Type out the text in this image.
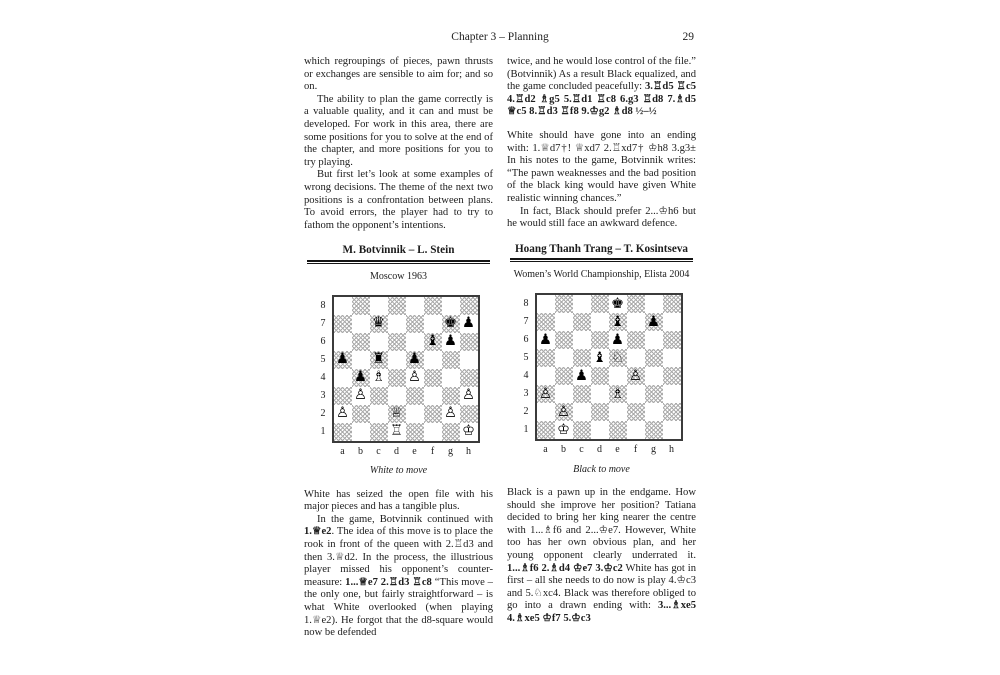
Chapter 3 – Planning	29

which regroupings of pieces, pawn thrusts or exchanges are sensible to aim for; and so on.

The ability to plan the game correctly is a valuable quality, and it can and must be developed. For work in this area, there are some positions for you to solve at the end of the chapter, and more positions for you to try playing.

But first let’s look at some examples of wrong decisions. The theme of the next two positions is a confrontation between plans. To avoid errors, the player had to try to fathom the opponent’s intentions.

M. Botvinnik – L. Stein
Moscow 1963
8
7
6
5
4
3
2
1
♛	♚ ♟
♝ ♟
♟ ♜ ♟
♟ ♗ ♙
♙	♙
♙	♕	♙
♖	♔
a	b	c	d	e	f	g	h
White to move

White has seized the open file with his major pieces and has a tangible plus.

In the game, Botvinnik continued with 1.♕e2. The idea of this move is to place the rook in front of the queen with 2.♖d3 and then 3.♕d2. In the process, the illustrious player missed his opponent’s counter-measure: 1...♕e7 2.♖d3 ♖c8 “This move – the only one, but fairly straightforward – is what White overlooked (when playing 1.♕e2). He forgot that the d8-square would now be defended

twice, and he would lose control of the file.” (Botvinnik) As a result Black equalized, and the game concluded peacefully: 3.♖d5 ♖c5 4.♖d2 ♗g5 5.♖d1 ♖c8 6.g3 ♖d8 7.♗d5 ♕c5 8.♖d3 ♖f8 9.♔g2 ♗d8 ½–½

White should have gone into an ending with: 1.♕d7†! ♕xd7 2.♖xd7† ♔h8 3.g3± In his notes to the game, Botvinnik writes: “The pawn weaknesses and the bad position of the black king would have given White realistic winning chances.”

In fact, Black should prefer 2...♔h6 but he would still face an awkward defence.

Hoang Thanh Trang – T. Kosintseva
Women’s World Championship, Elista 2004
8
7
6
5
4
3
2
1
♚
♝ ♟
♟	♟
♝ ♘
♟	♙
♙	♗
♙
♔
a	b	c	d	e	f	g	h
Black to move

Black is a pawn up in the endgame. How should she improve her position? Tatiana decided to bring her king nearer the centre with 1...♗f6 and 2...♔e7. However, White too has her own obvious plan, and her young opponent clearly underrated it. 1...♗f6 2.♗d4 ♔e7 3.♔c2 White has got in first – all she needs to do now is play 4.♔c3 and 5.♘xc4. Black was therefore obliged to go into a drawn ending with: 3...♗xe5 4.♗xe5 ♔f7 5.♔c3
